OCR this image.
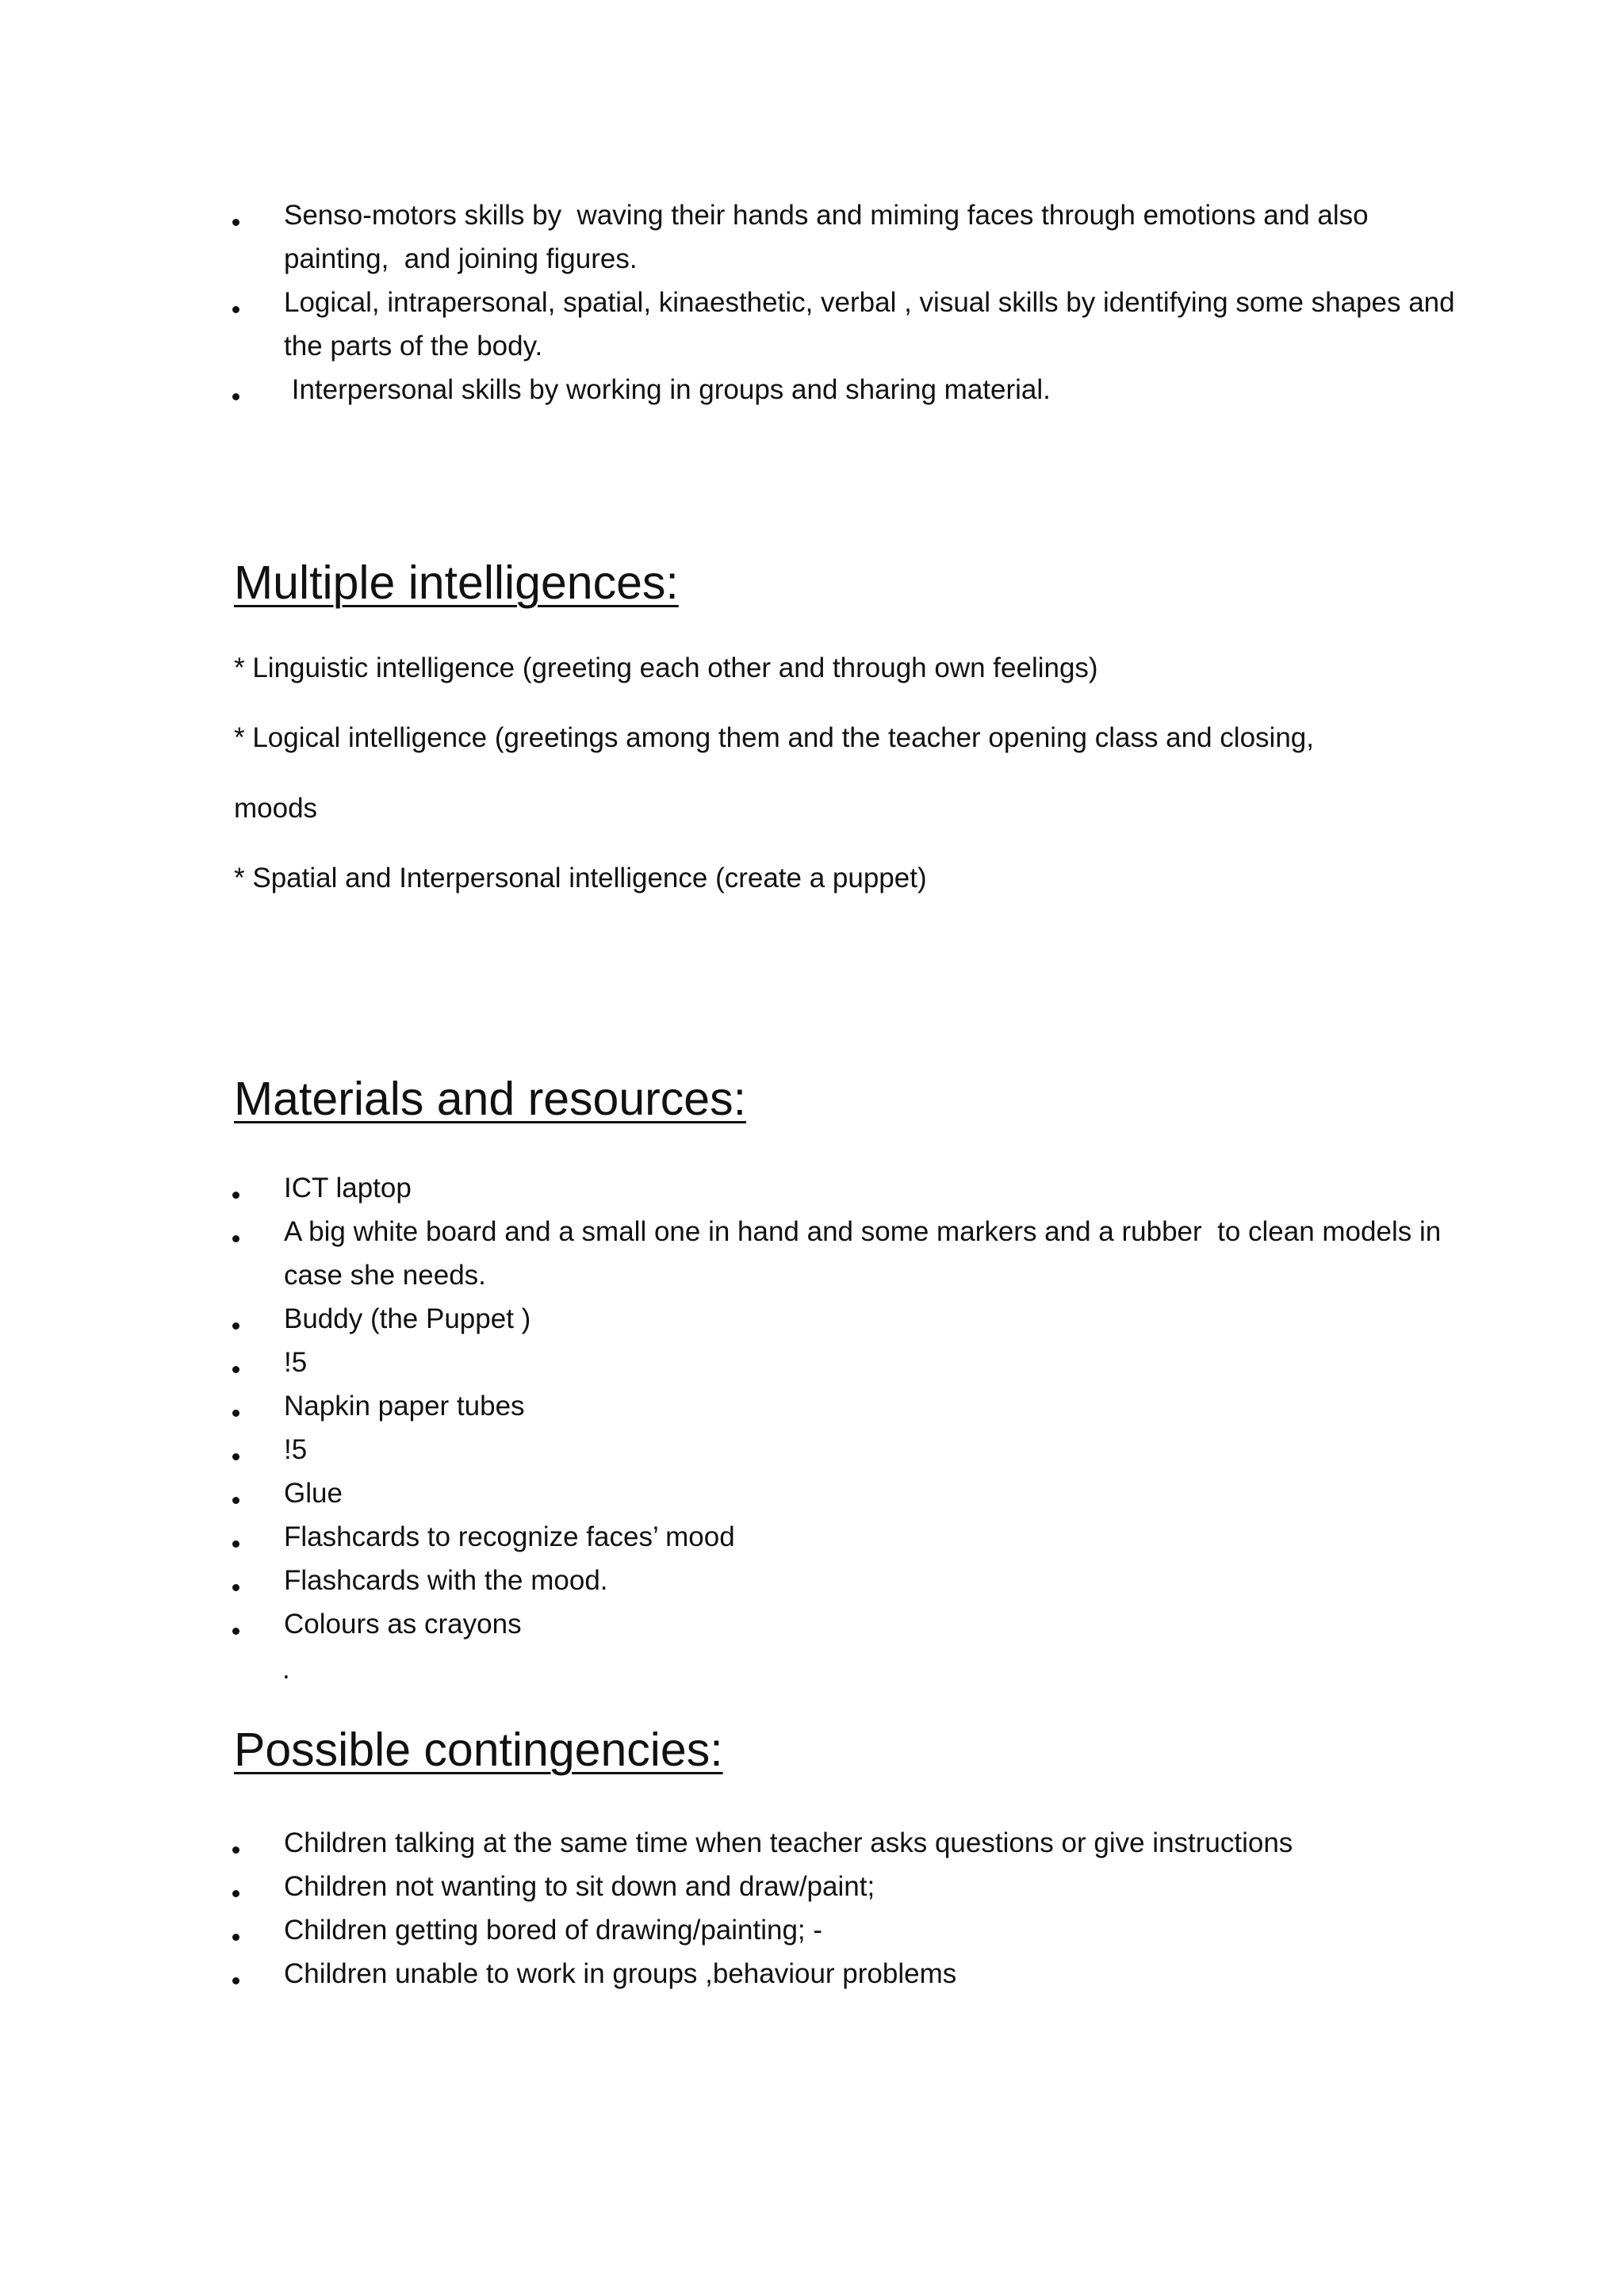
Senso-motors skills by  waving their hands and miming faces through emotions and also painting,  and joining figures.
Logical, intrapersonal, spatial, kinaesthetic, verbal , visual skills by identifying some shapes and  the parts of the body.
Interpersonal skills by working in groups and sharing material.
Multiple intelligences:

* Linguistic intelligence (greeting each other and through own feelings)

* Logical intelligence (greetings among them and the teacher opening class and closing,

moods

* Spatial and Interpersonal intelligence (create a puppet)

Materials and resources:
ICT laptop
A big white board and a small one in hand and some markers and a rubber  to clean models in case she needs.
Buddy (the Puppet )
!5
Napkin paper tubes
!5
Glue
Flashcards to recognize faces’ mood
Flashcards with the mood.
Colours as crayons
.
Possible contingencies:
Children talking at the same time when teacher asks questions or give instructions
Children not wanting to sit down and draw/paint;
Children getting bored of drawing/painting; -
Children unable to work in groups ,behaviour problems
